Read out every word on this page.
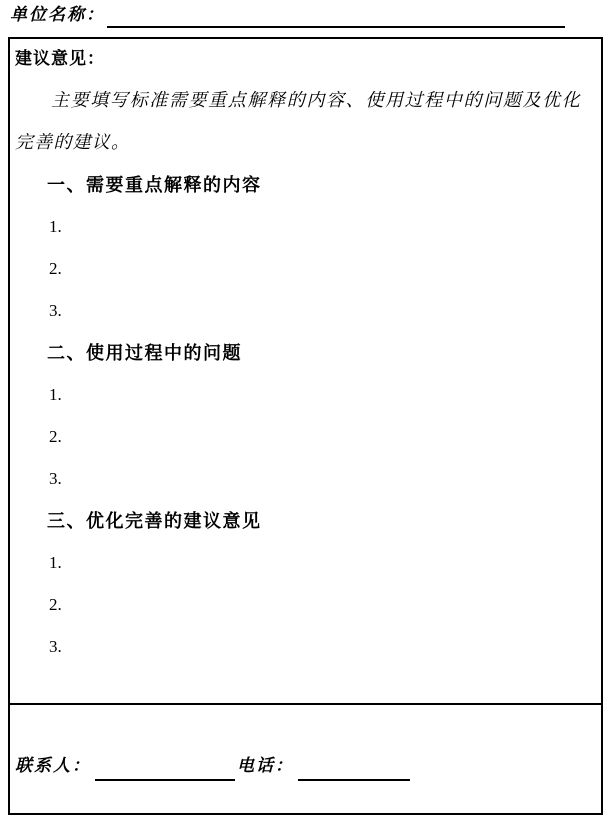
单位名称：
建议意见：

主要填写标准需要重点解释的内容、使用过程中的问题及优化完善的建议。

一、需要重点解释的内容
1.
2.
3.
二、使用过程中的问题
1.
2.
3.
三、优化完善的建议意见
1.
2.
3.
联系人：	电话：
